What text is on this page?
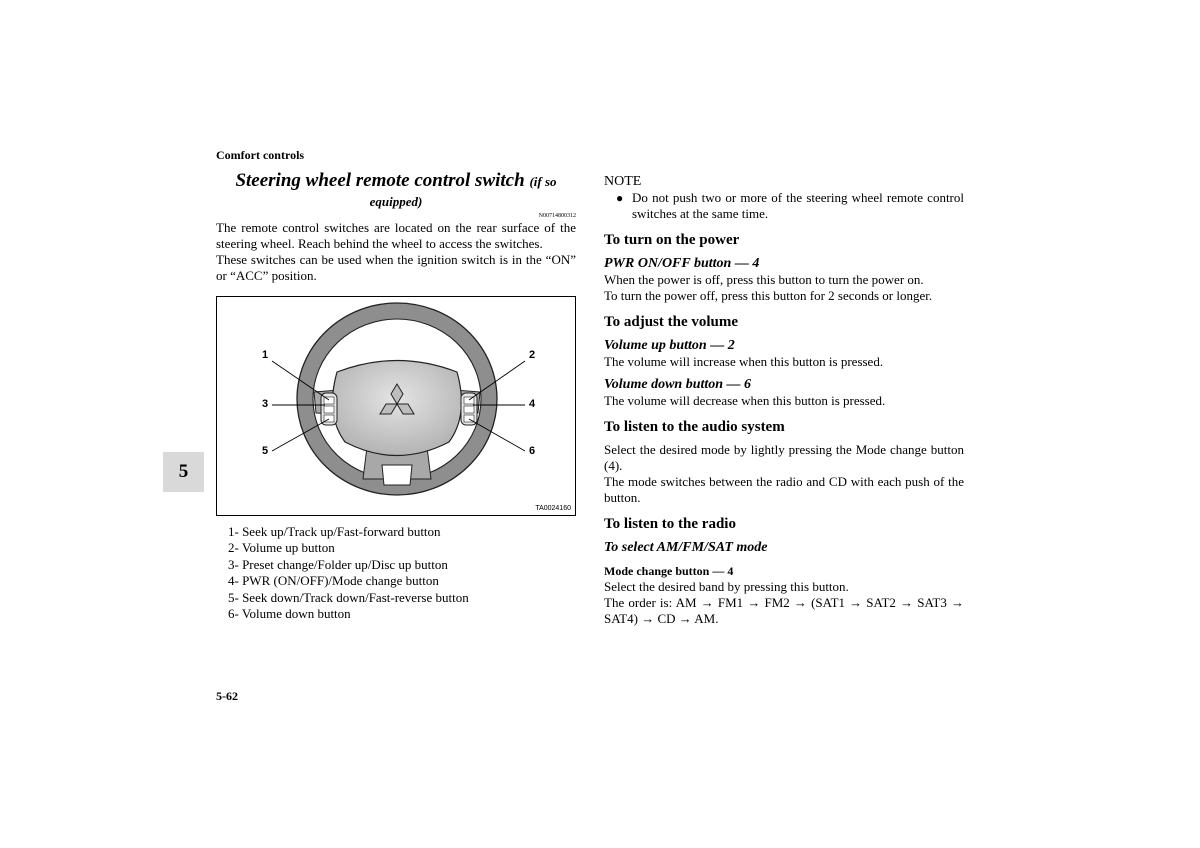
Comfort controls
5
5-62
Steering wheel remote control switch (if so
equipped)
N00714800312

The remote control switches are located on the rear surface of the steering wheel. Reach behind the wheel to access the switches.

These switches can be used when the ignition switch is in the “ON” or “ACC” position.

1	2
3	4
5	6
TA0024160
1- Seek up/Track up/Fast-forward button
2- Volume up button
3- Preset change/Folder up/Disc up button
4- PWR (ON/OFF)/Mode change button
5- Seek down/Track down/Fast-reverse button
6- Volume down button
NOTE
● Do not push two or more of the steering wheel remote control switches at the same time.
To turn on the power
PWR ON/OFF button — 4

When the power is off, press this button to turn the power on.

To turn the power off, press this button for 2 seconds or longer.

To adjust the volume
Volume up button — 2

The volume will increase when this button is pressed.

Volume down button — 6

The volume will decrease when this button is pressed.

To listen to the audio system

Select the desired mode by lightly pressing the Mode change button (4).

The mode switches between the radio and CD with each push of the button.

To listen to the radio
To select AM/FM/SAT mode
Mode change button — 4

Select the desired band by pressing this button.

The order is: AM → FM1 → FM2 → (SAT1 → SAT2 → SAT3 → SAT4) → CD → AM.
